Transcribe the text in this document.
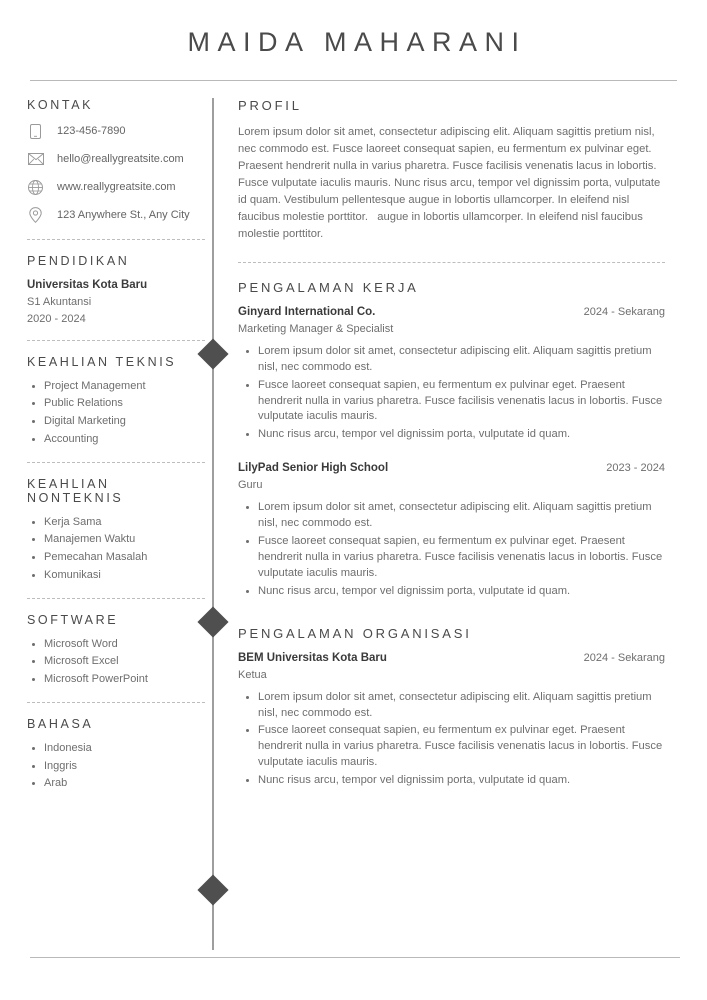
MAIDA MAHARANI
KONTAK
123-456-7890
hello@reallygreatsite.com
www.reallygreatsite.com
123 Anywhere St., Any City
PENDIDIKAN
Universitas Kota Baru
S1 Akuntansi
2020 - 2024
KEAHLIAN TEKNIS
• Project Management
• Public Relations
• Digital Marketing
• Accounting
KEAHLIAN NONTEKNIS
• Kerja Sama
• Manajemen Waktu
• Pemecahan Masalah
• Komunikasi
SOFTWARE
• Microsoft Word
• Microsoft Excel
• Microsoft PowerPoint
BAHASA
• Indonesia
• Inggris
• Arab
PROFIL

Lorem ipsum dolor sit amet, consectetur adipiscing elit. Aliquam sagittis pretium nisl, nec commodo est. Fusce laoreet consequat sapien, eu fermentum ex pulvinar eget. Praesent hendrerit nulla in varius pharetra. Fusce facilisis venenatis lacus in lobortis. Fusce vulputate iaculis mauris. Nunc risus arcu, tempor vel dignissim porta, vulputate id quam. Vestibulum pellentesque augue in lobortis ullamcorper. In eleifend nisl faucibus molestie porttitor.   augue in lobortis ullamcorper. In eleifend nisl faucibus molestie porttitor.

PENGALAMAN KERJA
Ginyard International Co.	2024 - Sekarang
Marketing Manager & Specialist
• Lorem ipsum dolor sit amet, consectetur adipiscing elit. Aliquam sagittis pretium nisl, nec commodo est.
• Fusce laoreet consequat sapien, eu fermentum ex pulvinar eget. Praesent hendrerit nulla in varius pharetra. Fusce facilisis venenatis lacus in lobortis. Fusce vulputate iaculis mauris.
• Nunc risus arcu, tempor vel dignissim porta, vulputate id quam.
LilyPad Senior High School	2023 - 2024
Guru
• Lorem ipsum dolor sit amet, consectetur adipiscing elit. Aliquam sagittis pretium nisl, nec commodo est.
• Fusce laoreet consequat sapien, eu fermentum ex pulvinar eget. Praesent hendrerit nulla in varius pharetra. Fusce facilisis venenatis lacus in lobortis. Fusce vulputate iaculis mauris.
• Nunc risus arcu, tempor vel dignissim porta, vulputate id quam.
PENGALAMAN ORGANISASI
BEM Universitas Kota Baru	2024 - Sekarang
Ketua
• Lorem ipsum dolor sit amet, consectetur adipiscing elit. Aliquam sagittis pretium nisl, nec commodo est.
• Fusce laoreet consequat sapien, eu fermentum ex pulvinar eget. Praesent hendrerit nulla in varius pharetra. Fusce facilisis venenatis lacus in lobortis. Fusce vulputate iaculis mauris.
• Nunc risus arcu, tempor vel dignissim porta, vulputate id quam.
